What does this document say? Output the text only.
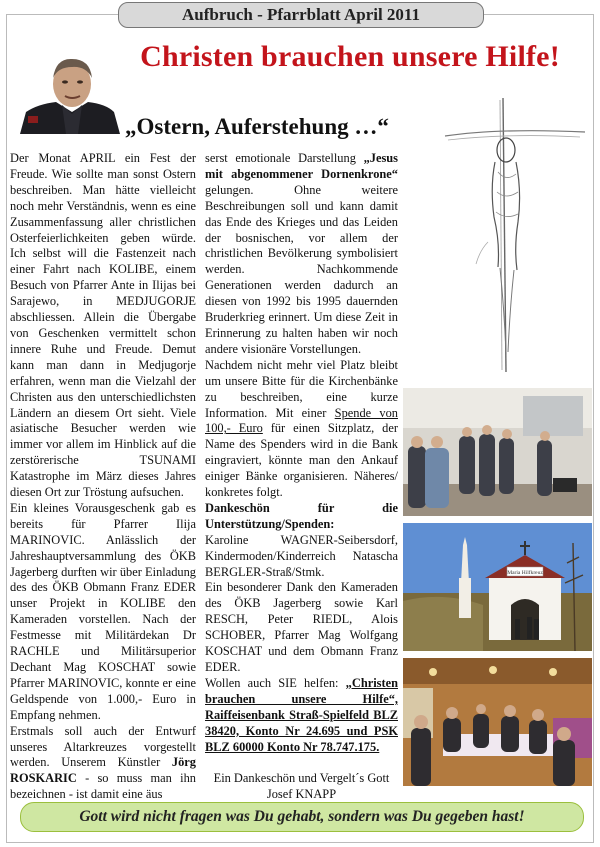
Aufbruch - Pfarrblatt April 2011
Christen brauchen unsere Hilfe!
„Ostern, Auferstehung …“

Der Monat APRIL ein Fest der Freude. Wie sollte man sonst Ostern beschreiben. Man hätte vielleicht noch mehr Verständnis, wenn es eine Zusammenfassung aller christlichen Osterfeierlichkeiten geben würde. Ich selbst will die Fastenzeit nach einer Fahrt nach KOLIBE, einem Besuch von Pfarrer Ante in Ilijas bei Sarajewo, in MEDJUGORJE abschliessen. Allein die Übergabe von Geschenken vermittelt schon innere Ruhe und Freude. Demut kann man dann in Medjugorje erfahren, wenn man die Vielzahl der Christen aus den unterschiedlichsten Ländern an diesem Ort sieht. Viele asiatische Besucher werden wie immer vor allem im Hinblick auf die zerstörerische TSUNAMI Katastrophe im März dieses Jahres diesen Ort zur Tröstung aufsuchen.

Ein kleines Vorausgeschenk gab es bereits für Pfarrer Ilija MARINOVIC. Anlässlich der Jahreshauptversammlung des ÖKB Jagerberg durften wir über Einladung des des ÖKB Obmann Franz EDER unser Projekt in KOLIBE den Kameraden vorstellen. Nach der Festmesse mit Militärdekan Dr RACHLE und Militärsuperior Dechant Mag KOSCHAT sowie Pfarrer MARINOVIC, konnte er eine Geldspende von 1.000,- Euro in Empfang nehmen.

Erstmals soll auch der Entwurf unseres Altarkreuzes vorgestellt werden. Unserem Künstler Jörg ROSKARIC - so muss man ihn bezeichnen - ist damit eine äus

serst emotionale Darstellung „Jesus mit abgenommener Dornenkrone“ gelungen. Ohne weitere Beschreibungen soll und kann damit das Ende des Krieges und das Leiden der bosnischen, vor allem der christlichen Bevölkerung symbolisiert werden. Nachkommende Generationen werden dadurch an diesen von 1992 bis 1995 dauernden Bruderkrieg erinnert. Um diese Zeit in Erinnerung zu halten haben wir noch andere visionäre Vorstellungen.

Nachdem nicht mehr viel Platz bleibt um unsere Bitte für die Kirchenbänke zu beschreiben, eine kurze Information. Mit einer Spende von 100,- Euro für einen Sitzplatz, der Name des Spenders wird in die Bank eingraviert, könnte man den Ankauf einiger Bänke organisieren. Näheres/ konkretes folgt.

Dankeschön für die Unterstützung/Spenden:

Karoline WAGNER-Seibersdorf, Kindermoden/Kinderreich Natascha BERGLER-Straß/Stmk.

Ein besonderer Dank den Kameraden des ÖKB Jagerberg sowie Karl RESCH, Peter RIEDL, Alois SCHOBER, Pfarrer Mag Wolfgang KOSCHAT und dem Obmann Franz EDER.

Wollen auch SIE helfen: „Christen brauchen unsere Hilfe“, Raiffeisenbank Straß-Spielfeld BLZ 38420, Konto Nr 24.695 und PSK BLZ 60000 Konto Nr 78.747.175.

Ein Dankeschön und Vergelt´s Gott

Josef KNAPP

Maria Hilfkreuz
Gott wird nicht fragen was Du gehabt, sondern was Du gegeben hast!
